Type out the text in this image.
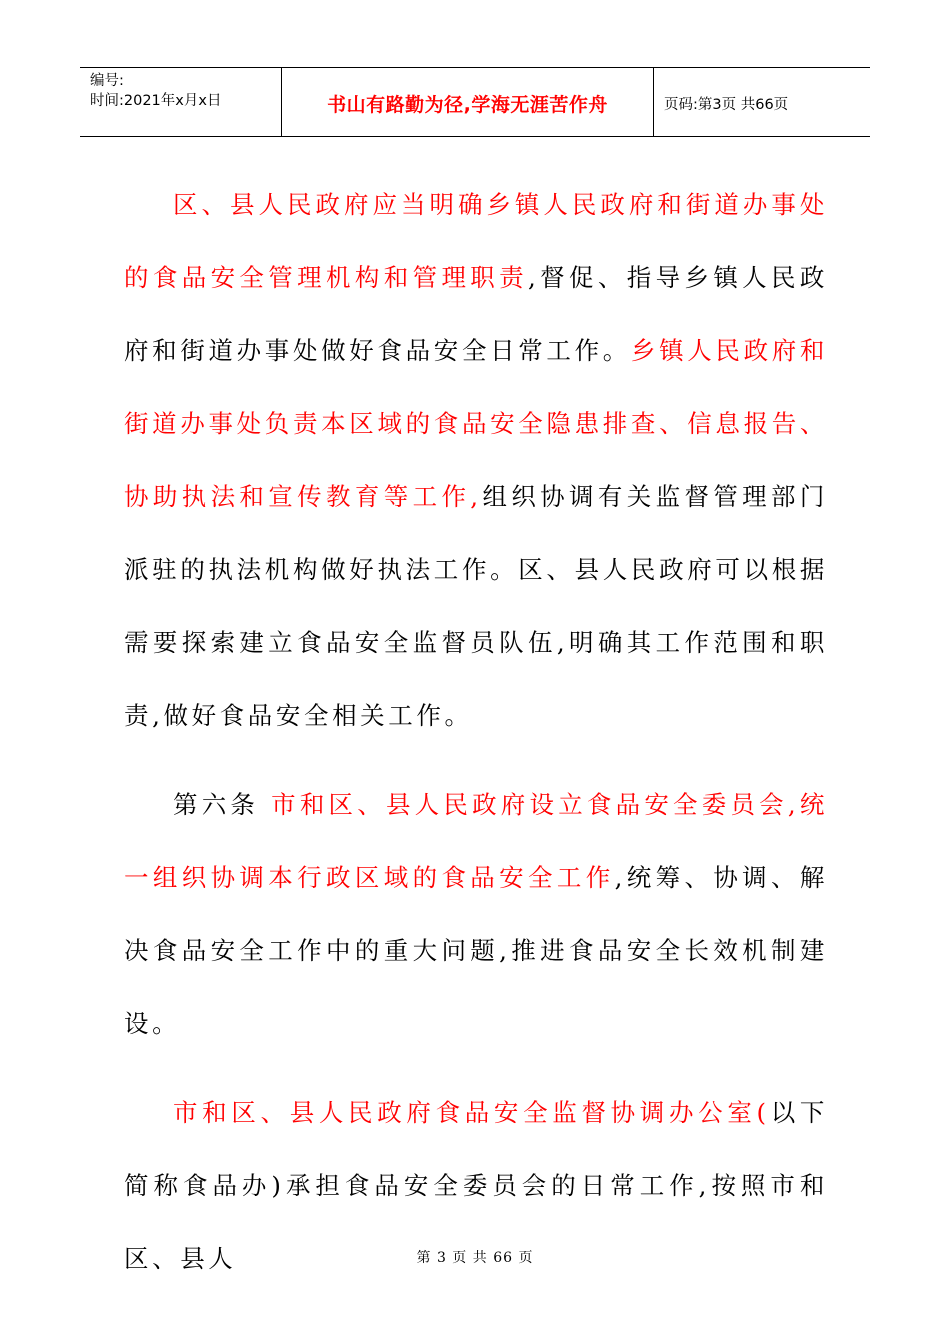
编号:
时间:2021年x月x日	书山有路勤为径,学海无涯苦作舟	页码:第3页 共66页

区、县人民政府应当明确乡镇人民政府和街道办事处的食品安全管理机构和管理职责,督促、指导乡镇人民政府和街道办事处做好食品安全日常工作。乡镇人民政府和街道办事处负责本区域的食品安全隐患排查、信息报告、协助执法和宣传教育等工作,组织协调有关监督管理部门派驻的执法机构做好执法工作。区、县人民政府可以根据需要探索建立食品安全监督员队伍,明确其工作范围和职责,做好食品安全相关工作。

第六条 市和区、县人民政府设立食品安全委员会,统一组织协调本行政区域的食品安全工作,统筹、协调、解决食品安全工作中的重大问题,推进食品安全长效机制建设。

市和区、县人民政府食品安全监督协调办公室(以下简称食品办)承担食品安全委员会的日常工作,按照市和区、县人	第 3 页 共 66 页
